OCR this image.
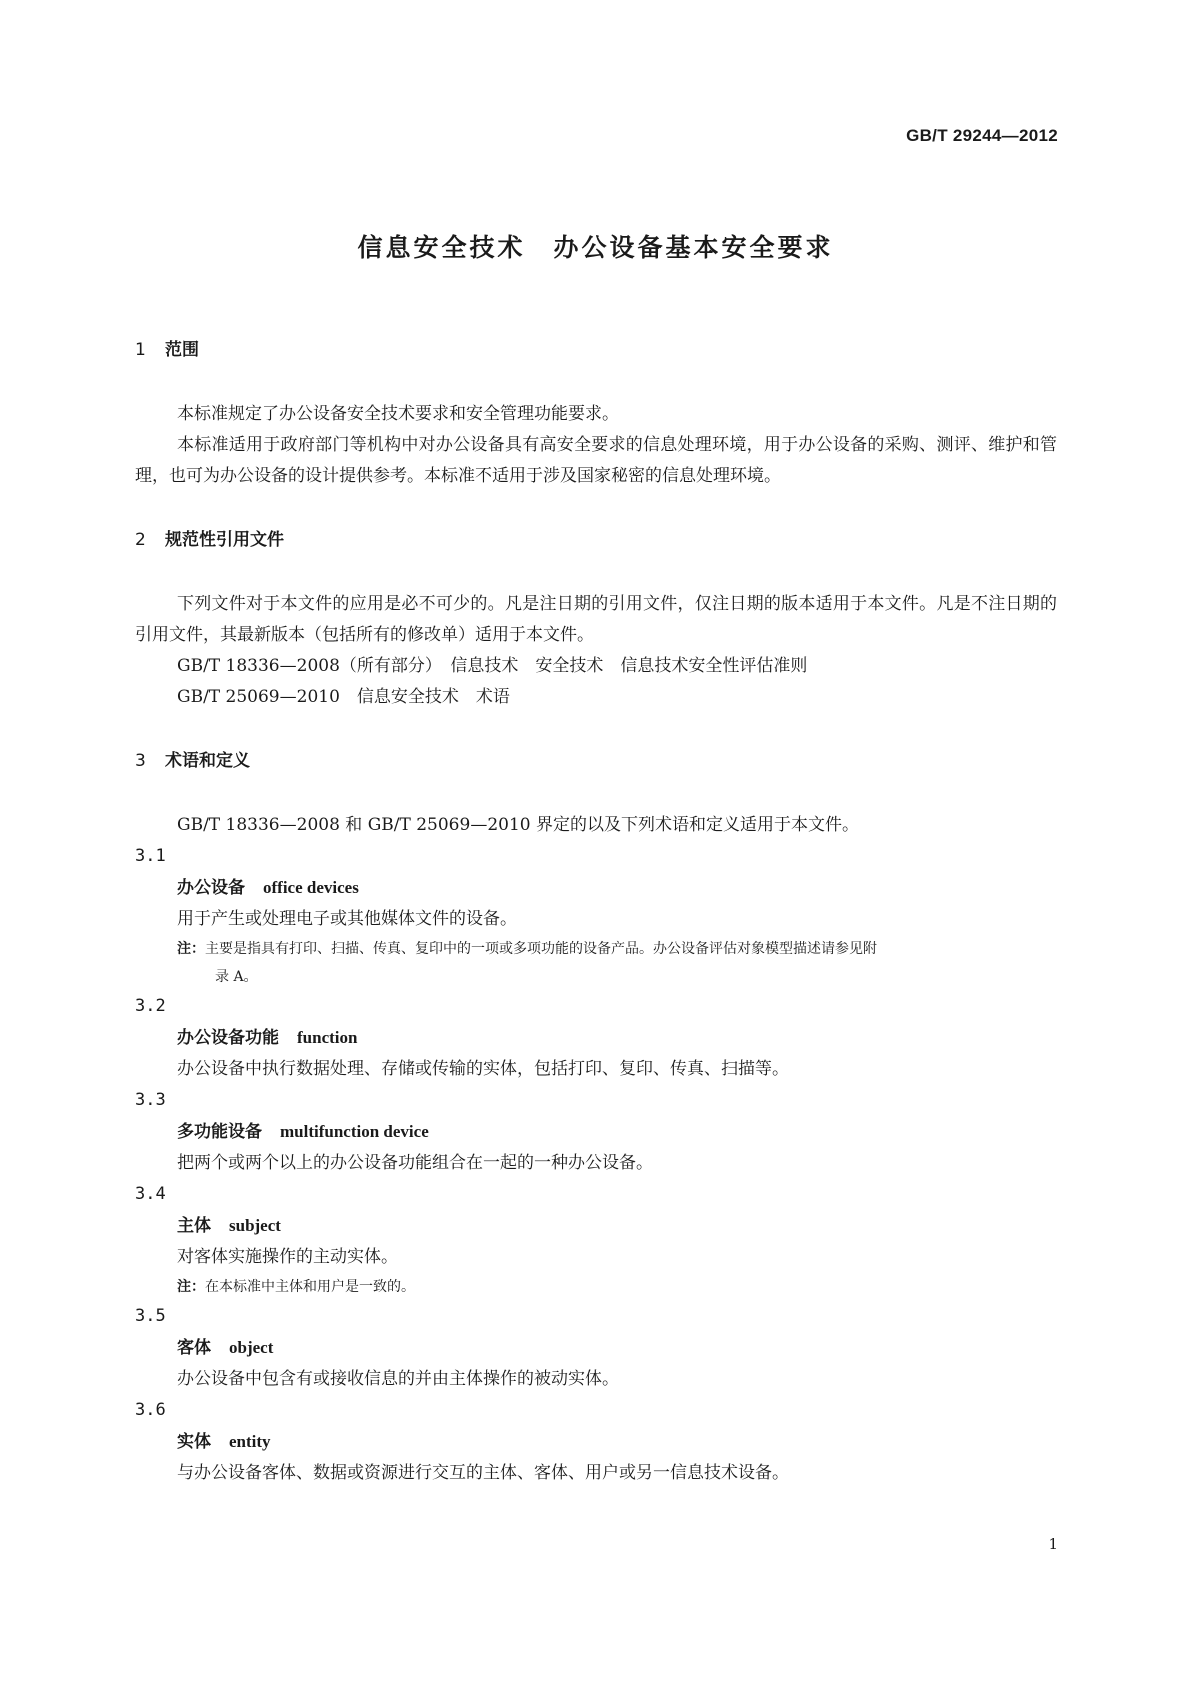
GB/T 29244—2012
信息安全技术　办公设备基本安全要求
1 范围

本标准规定了办公设备安全技术要求和安全管理功能要求。

本标准适用于政府部门等机构中对办公设备具有高安全要求的信息处理环境，用于办公设备的采购、测评、维护和管理，也可为办公设备的设计提供参考。本标准不适用于涉及国家秘密的信息处理环境。

2 规范性引用文件

下列文件对于本文件的应用是必不可少的。凡是注日期的引用文件，仅注日期的版本适用于本文件。凡是不注日期的引用文件，其最新版本（包括所有的修改单）适用于本文件。

GB/T 18336—2008（所有部分）　信息技术　安全技术　信息技术安全性评估准则

GB/T 25069—2010　信息安全技术　术语

3 术语和定义

GB/T 18336—2008 和 GB/T 25069—2010 界定的以及下列术语和定义适用于本文件。

3.1
办公设备 office devices

用于产生或处理电子或其他媒体文件的设备。

注：主要是指具有打印、扫描、传真、复印中的一项或多项功能的设备产品。办公设备评估对象模型描述请参见附
录 A。
3.2
办公设备功能 function

办公设备中执行数据处理、存储或传输的实体，包括打印、复印、传真、扫描等。

3.3
多功能设备 multifunction device

把两个或两个以上的办公设备功能组合在一起的一种办公设备。

3.4
主体 subject

对客体实施操作的主动实体。

注：在本标准中主体和用户是一致的。
3.5
客体 object

办公设备中包含有或接收信息的并由主体操作的被动实体。

3.6
实体 entity

与办公设备客体、数据或资源进行交互的主体、客体、用户或另一信息技术设备。

1
